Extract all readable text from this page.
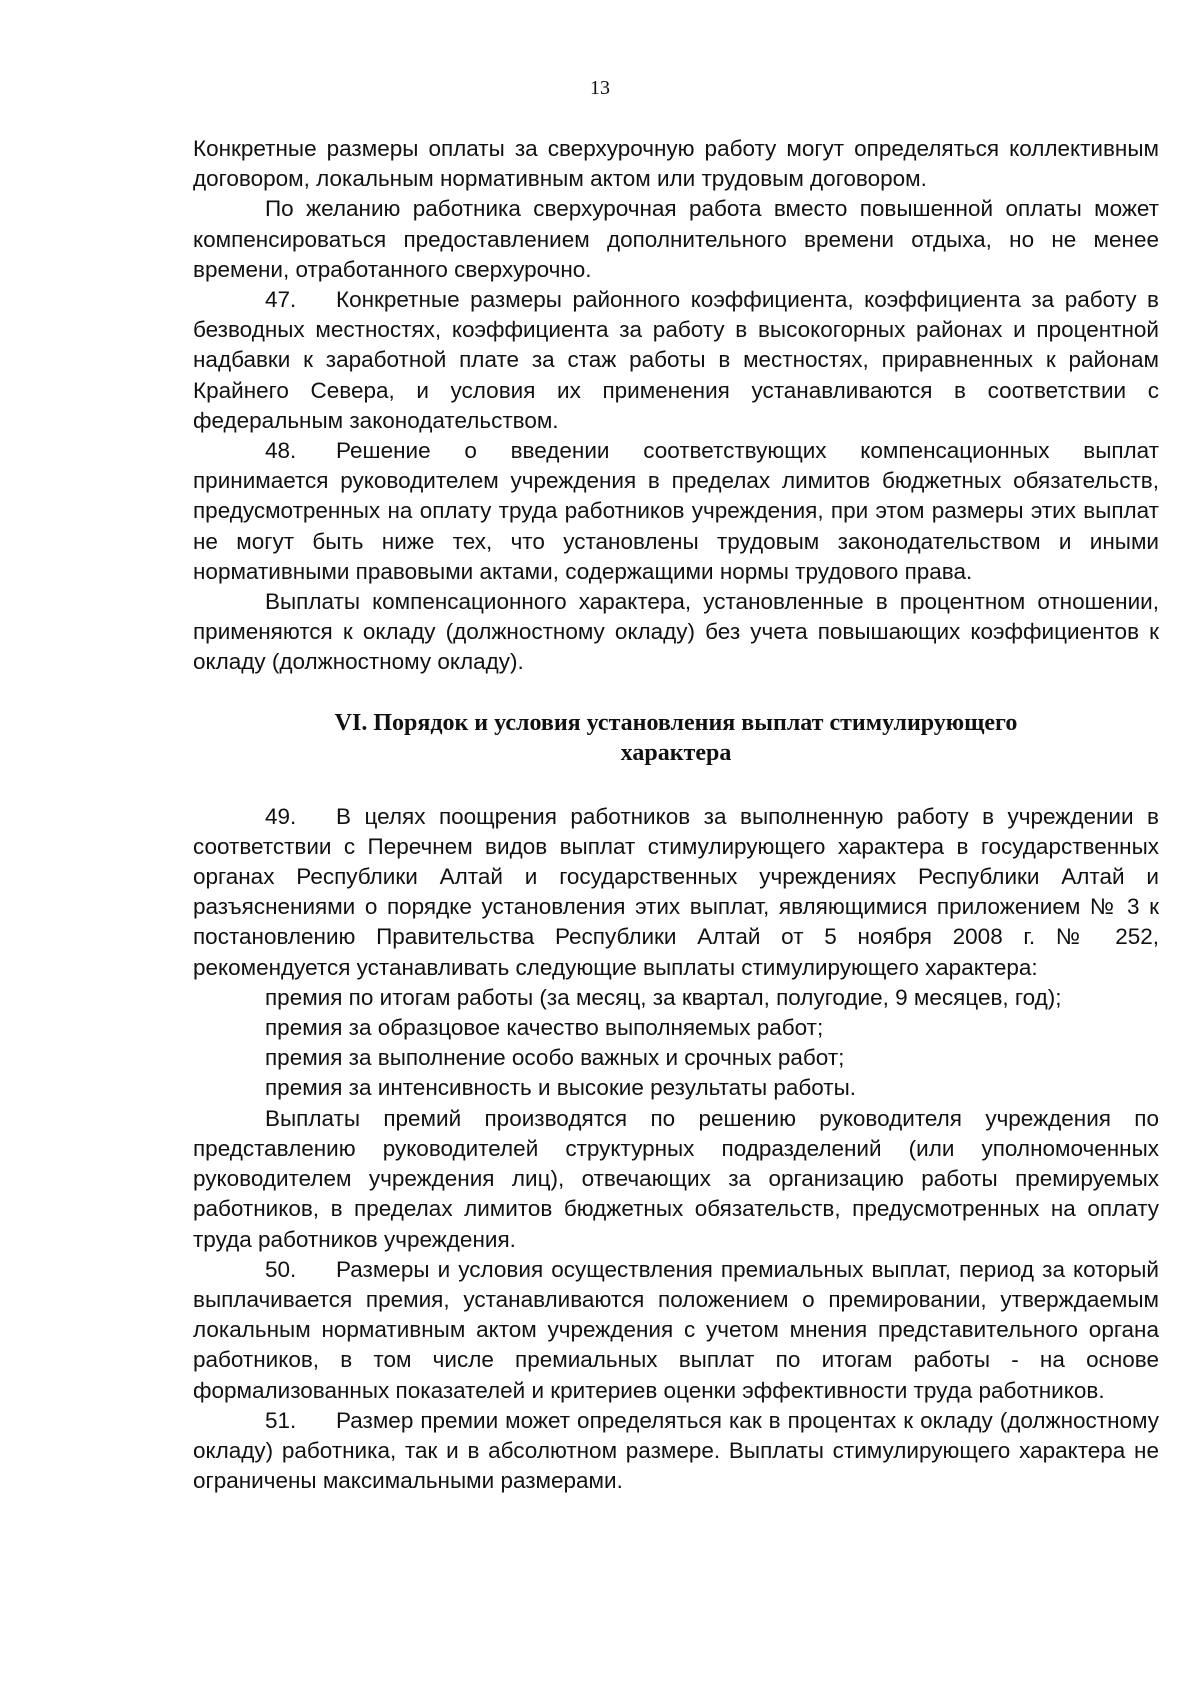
13

Конкретные размеры оплаты за сверхурочную работу могут определяться коллективным договором, локальным нормативным актом или трудовым договором.

По желанию работника сверхурочная работа вместо повышенной оплаты может компенсироваться предоставлением дополнительного времени отдыха, но не менее времени, отработанного сверхурочно.

47. Конкретные размеры районного коэффициента, коэффициента за работу в безводных местностях, коэффициента за работу в высокогорных районах и процентной надбавки к заработной плате за стаж работы в местностях, приравненных к районам Крайнего Севера, и условия их применения устанавливаются в соответствии с федеральным законодательством.

48. Решение о введении соответствующих компенсационных выплат принимается руководителем учреждения в пределах лимитов бюджетных обязательств, предусмотренных на оплату труда работников учреждения, при этом размеры этих выплат не могут быть ниже тех, что установлены трудовым законодательством и иными нормативными правовыми актами, содержащими нормы трудового права.

Выплаты компенсационного характера, установленные в процентном отношении, применяются к окладу (должностному окладу) без учета повышающих коэффициентов к окладу (должностному окладу).

VI. Порядок и условия установления выплат стимулирующего
характера

49. В целях поощрения работников за выполненную работу в учреждении в соответствии с Перечнем видов выплат стимулирующего характера в государственных органах Республики Алтай и государственных учреждениях Республики Алтай и разъяснениями о порядке установления этих выплат, являющимися приложением № 3 к постановлению Правительства Республики Алтай от 5 ноября 2008 г. № 252, рекомендуется устанавливать следующие выплаты стимулирующего характера:

премия по итогам работы (за месяц, за квартал, полугодие, 9 месяцев, год);

премия за образцовое качество выполняемых работ;

премия за выполнение особо важных и срочных работ;

премия за интенсивность и высокие результаты работы.

Выплаты премий производятся по решению руководителя учреждения по представлению руководителей структурных подразделений (или уполномоченных руководителем учреждения лиц), отвечающих за организацию работы премируемых работников, в пределах лимитов бюджетных обязательств, предусмотренных на оплату труда работников учреждения.

50. Размеры и условия осуществления премиальных выплат, период за который выплачивается премия, устанавливаются положением о премировании, утверждаемым локальным нормативным актом учреждения с учетом мнения представительного органа работников, в том числе премиальных выплат по итогам работы - на основе формализованных показателей и критериев оценки эффективности труда работников.

51. Размер премии может определяться как в процентах к окладу (должностному окладу) работника, так и в абсолютном размере. Выплаты стимулирующего характера не ограничены максимальными размерами.
